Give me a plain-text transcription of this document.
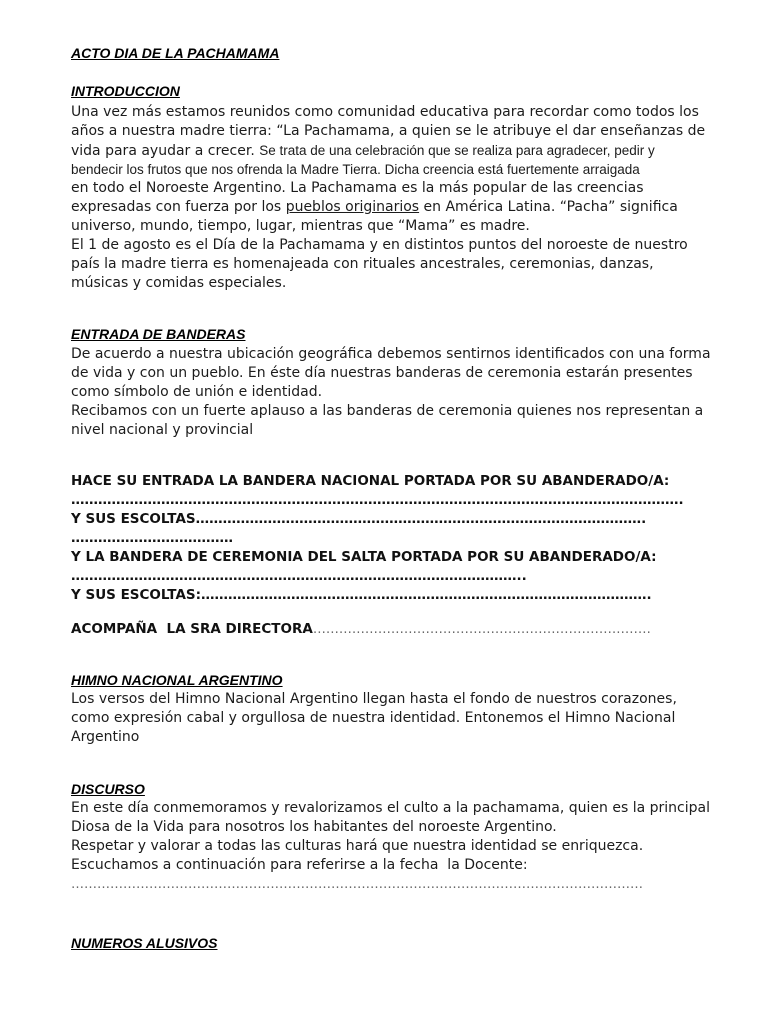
ACTO DIA DE LA PACHAMAMA
INTRODUCCION
Una vez más estamos reunidos como comunidad educativa para recordar como todos los
años a nuestra madre tierra: “La Pachamama, a quien se le atribuye el dar enseñanzas de
vida para ayudar a crecer. Se trata de una celebración que se realiza para agradecer, pedir y
bendecir los frutos que nos ofrenda la Madre Tierra. Dicha creencia está fuertemente arraigada
en todo el Noroeste Argentino. La Pachamama es la más popular de las creencias
expresadas con fuerza por los pueblos originarios en América Latina. “Pacha” significa
universo, mundo, tiempo, lugar, mientras que “Mama” es madre.
El 1 de agosto es el Día de la Pachamama y en distintos puntos del noroeste de nuestro
país la madre tierra es homenajeada con rituales ancestrales, ceremonias, danzas,
músicas y comidas especiales.
ENTRADA DE BANDERAS
De acuerdo a nuestra ubicación geográfica debemos sentirnos identificados con una forma
de vida y con un pueblo. En éste día nuestras banderas de ceremonia estarán presentes
como símbolo de unión e identidad.
Recibamos con un fuerte aplauso a las banderas de ceremonia quienes nos representan a
nivel nacional y provincial
HACE SU ENTRADA LA BANDERA NACIONAL PORTADA POR SU ABANDERADO/A:
……………………………………………………………………………………………………………………….
Y SUS ESCOLTAS……………………………………………………………………………………….
………………………………
Y LA BANDERA DE CEREMONIA DEL SALTA PORTADA POR SU ABANDERADO/A:
………………………………………………………………………………………..
Y SUS ESCOLTAS:……………………………………………………………………………………….
ACOMPAÑA  LA SRA DIRECTORA……………………………………………………………………
HIMNO NACIONAL ARGENTINO
Los versos del Himno Nacional Argentino llegan hasta el fondo de nuestros corazones,
como expresión cabal y orgullosa de nuestra identidad. Entonemos el Himno Nacional
Argentino
DISCURSO
En este día conmemoramos y revalorizamos el culto a la pachamama, quien es la principal
Diosa de la Vida para nosotros los habitantes del noroeste Argentino.
Respetar y valorar a todas las culturas hará que nuestra identidad se enriquezca.
Escuchamos a continuación para referirse a la fecha  la Docente:
……………………………………………………………………………………………………………………
NUMEROS ALUSIVOS
